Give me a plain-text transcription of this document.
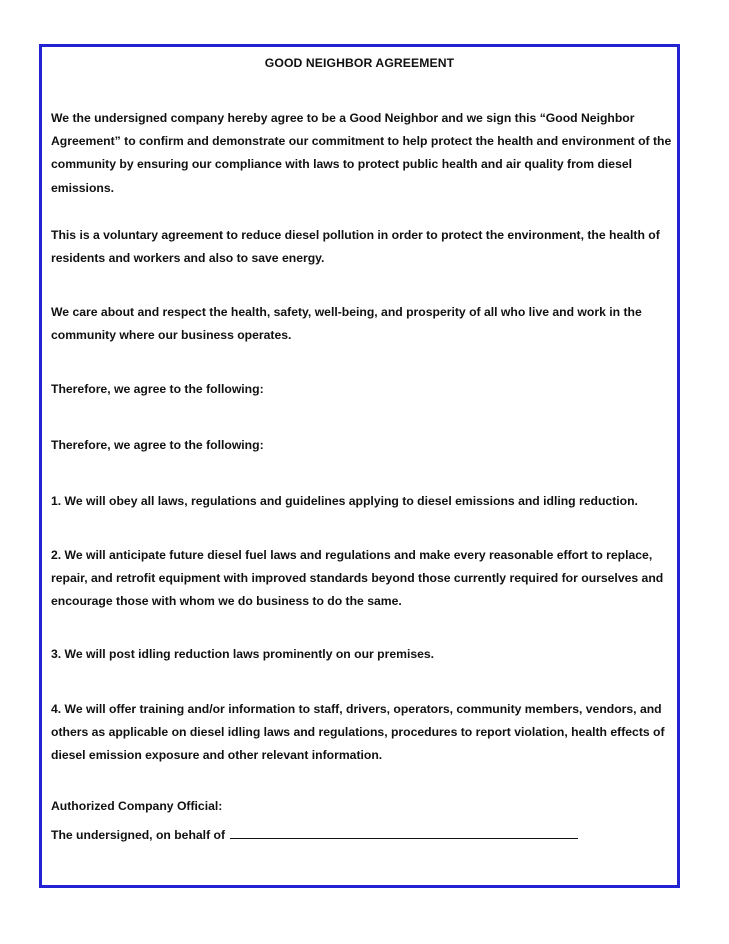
GOOD NEIGHBOR AGREEMENT
We the undersigned company hereby agree to be a Good Neighbor and we sign this “Good Neighbor Agreement” to confirm and demonstrate our commitment to help protect the health and environment of the community by ensuring our compliance with laws to protect public health and air quality from diesel emissions.
This is a voluntary agreement to reduce diesel pollution in order to protect the environment, the health of residents and workers and also to save energy.
We care about and respect the health, safety, well-being, and prosperity of all who live and work in the community where our business operates.
Therefore, we agree to the following:
Therefore, we agree to the following:
1. We will obey all laws, regulations and guidelines applying to diesel emissions and idling reduction.
2. We will anticipate future diesel fuel laws and regulations and make every reasonable effort to replace, repair, and retrofit equipment with improved standards beyond those currently required for ourselves and encourage those with whom we do business to do the same.
3. We will post idling reduction laws prominently on our premises.
4. We will offer training and/or information to staff, drivers, operators, community members, vendors, and others as applicable on diesel idling laws and regulations, procedures to report violation, health effects of diesel emission exposure and other relevant information.
Authorized Company Official:
The undersigned, on behalf of
